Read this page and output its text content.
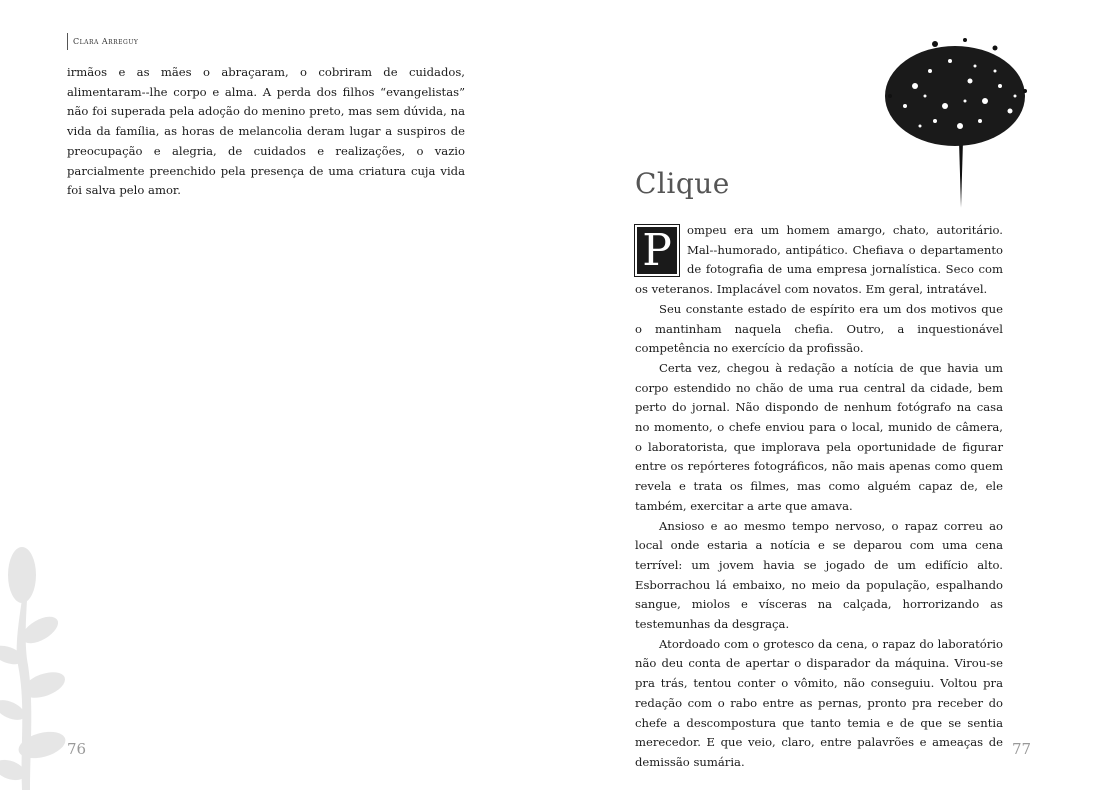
Clara Arreguy

irmãos e as mães o abraçaram, o cobriram de cuidados, alimentaram--lhe corpo e alma. A perda dos filhos “evangelistas” não foi superada pela adoção do menino preto, mas sem dúvida, na vida da família, as horas de melancolia deram lugar a suspiros de preocupação e alegria, de cuidados e realizações, o vazio parcialmente preenchido pela presença de uma criatura cuja vida foi salva pelo amor.

76
Clique

P	ompeu era um homem amargo, chato, autoritário. Mal--humorado, antipático. Chefiava o departamento de fotografia de uma empresa jornalística. Seco com os veteranos. Implacável com novatos. Em geral, intratável.

Seu constante estado de espírito era um dos motivos que o mantinham naquela chefia. Outro, a inquestionável competência no exercício da profissão.

Certa vez, chegou à redação a notícia de que havia um corpo estendido no chão de uma rua central da cidade, bem perto do jornal. Não dispondo de nenhum fotógrafo na casa no momento, o chefe enviou para o local, munido de câmera, o laboratorista, que implorava pela oportunidade de figurar entre os repórteres fotográficos, não mais apenas como quem revela e trata os filmes, mas como alguém capaz de, ele também, exercitar a arte que amava.

Ansioso e ao mesmo tempo nervoso, o rapaz correu ao local onde estaria a notícia e se deparou com uma cena terrível: um jovem havia se jogado de um edifício alto. Esborrachou lá embaixo, no meio da população, espalhando sangue, miolos e vísceras na calçada, horrorizando as testemunhas da desgraça.

Atordoado com o grotesco da cena, o rapaz do laboratório não deu conta de apertar o disparador da máquina. Virou-se pra trás, tentou conter o vômito, não conseguiu. Voltou pra redação com o rabo entre as pernas, pronto pra receber do chefe a descompostura que tanto temia e de que se sentia merecedor. E que veio, claro, entre palavrões e ameaças de demissão sumária.

77
